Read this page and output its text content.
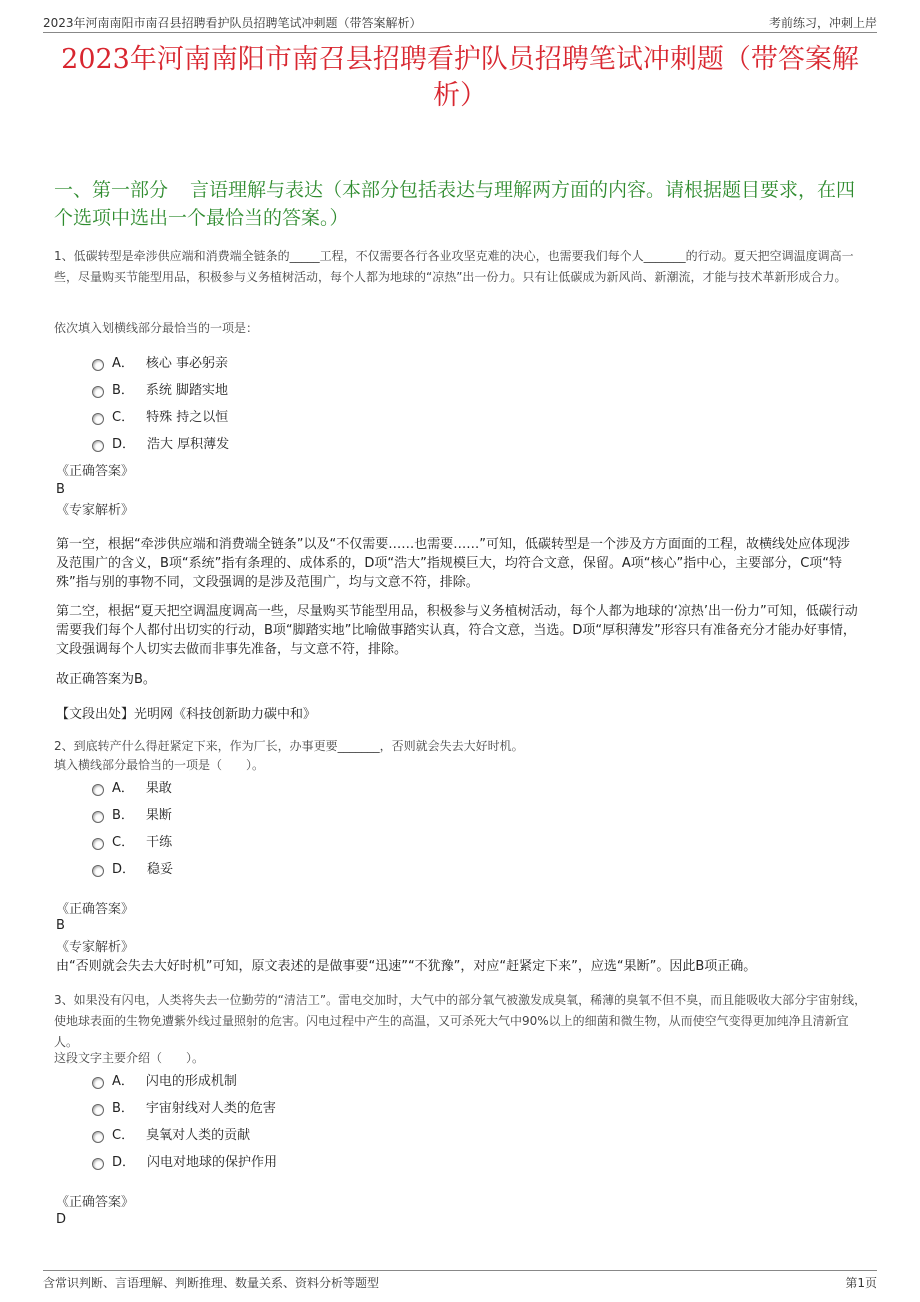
2023年河南南阳市南召县招聘看护队员招聘笔试冲刺题（带答案解析）	考前练习，冲刺上岸
2023年河南南阳市南召县招聘看护队员招聘笔试冲刺题（带答案解析）
一、第一部分 言语理解与表达（本部分包括表达与理解两方面的内容。请根据题目要求，在四个选项中选出一个最恰当的答案。）
1、低碳转型是牵涉供应端和消费端全链条的_____工程，不仅需要各行各业攻坚克难的决心，也需要我们每个人_______的行动。夏天把空调温度调高一些，尽量购买节能型用品，积极参与义务植树活动，每个人都为地球的“凉热”出一份力。只有让低碳成为新风尚、新潮流，才能与技术革新形成合力。
依次填入划横线部分最恰当的一项是：
A． 核心 事必躬亲
B． 系统 脚踏实地
C． 特殊 持之以恒
D． 浩大 厚积薄发
《正确答案》
B
《专家解析》
第一空，根据“牵涉供应端和消费端全链条”以及“不仅需要……也需要……”可知，低碳转型是一个涉及方方面面的工程，故横线处应体现涉及范围广的含义，B项“系统”指有条理的、成体系的，D项“浩大”指规模巨大，均符合文意，保留。A项“核心”指中心，主要部分，C项“特殊”指与别的事物不同，文段强调的是涉及范围广，均与文意不符，排除。
第二空，根据“夏天把空调温度调高一些，尽量购买节能型用品，积极参与义务植树活动，每个人都为地球的‘凉热’出一份力”可知，低碳行动需要我们每个人都付出切实的行动，B项“脚踏实地”比喻做事踏实认真，符合文意，当选。D项“厚积薄发”形容只有准备充分才能办好事情，文段强调每个人切实去做而非事先准备，与文意不符，排除。
故正确答案为B。
【文段出处】光明网《科技创新助力碳中和》
2、到底转产什么得赶紧定下来，作为厂长，办事更要_______，否则就会失去大好时机。
填入横线部分最恰当的一项是（　　）。
A． 果敢
B． 果断
C． 干练
D． 稳妥
《正确答案》
B
《专家解析》
由“否则就会失去大好时机”可知，原文表述的是做事要“迅速”“不犹豫”，对应“赶紧定下来”，应选“果断”。因此B项正确。
3、如果没有闪电，人类将失去一位勤劳的“清洁工”。雷电交加时，大气中的部分氧气被激发成臭氧，稀薄的臭氧不但不臭，而且能吸收大部分宇宙射线，使地球表面的生物免遭紫外线过量照射的危害。闪电过程中产生的高温，又可杀死大气中90%以上的细菌和微生物，从而使空气变得更加纯净且清新宜人。
这段文字主要介绍（　　）。
A． 闪电的形成机制
B． 宇宙射线对人类的危害
C． 臭氧对人类的贡献
D． 闪电对地球的保护作用
《正确答案》
D
含常识判断、言语理解、判断推理、数量关系、资料分析等题型	第1页
